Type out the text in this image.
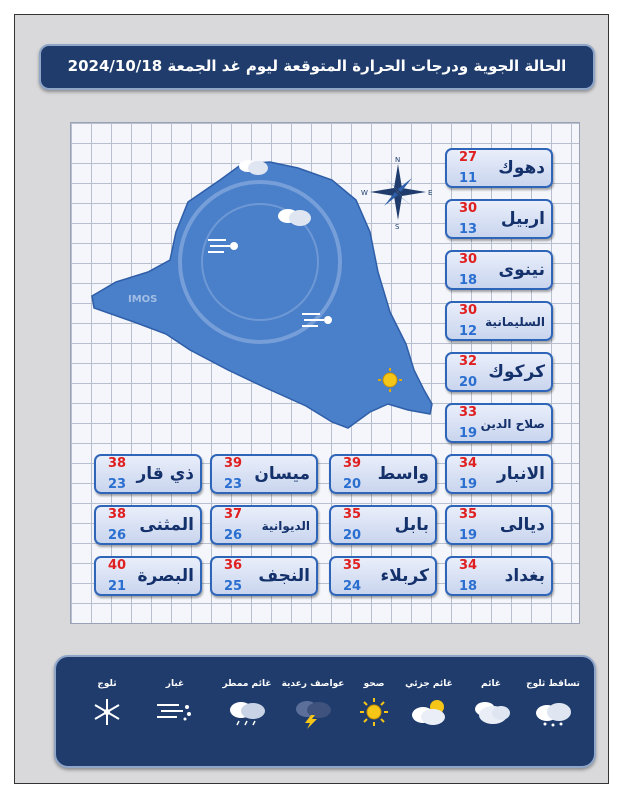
الحالة الجوية ودرجات الحرارة المتوقعة ليوم غد الجمعة 2024/10/18
IMOS
N
S
E
W
دهوك
27
11
اربيل
30
13
نينوى
30
18
السليمانية
30
12
كركوك
32
20
صلاح الدين
33
19
الانبار
34
19
واسط
39
20
ميسان
39
23
ذي قار
38
23
ديالى
35
19
بابل
35
20
الديوانية
37
26
المثنى
38
26
بغداد
34
18
كربلاء
35
24
النجف
36
25
البصرة
40
21
تساقط ثلوج
غائم
غائم جزئي
صحو
عواصف رعدية
غائم ممطر
غبار
ثلوج
